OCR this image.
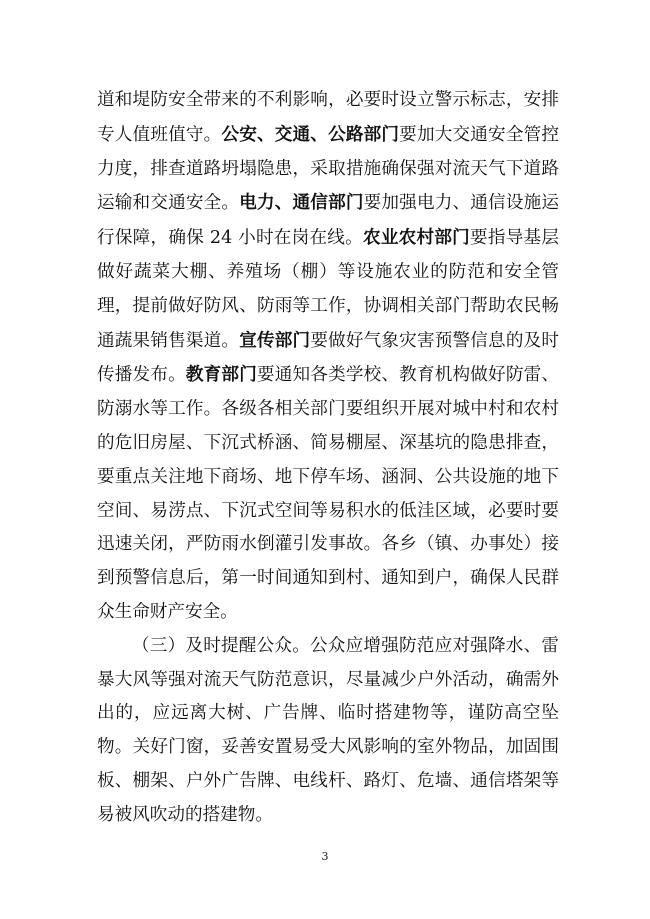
道和堤防安全带来的不利影响，必要时设立警示标志，安排专人值班值守。公安、交通、公路部门要加大交通安全管控力度，排查道路坍塌隐患，采取措施确保强对流天气下道路运输和交通安全。电力、通信部门要加强电力、通信设施运行保障，确保 24 小时在岗在线。农业农村部门要指导基层做好蔬菜大棚、养殖场（棚）等设施农业的防范和安全管理，提前做好防风、防雨等工作，协调相关部门帮助农民畅通蔬果销售渠道。宣传部门要做好气象灾害预警信息的及时传播发布。教育部门要通知各类学校、教育机构做好防雷、防溺水等工作。各级各相关部门要组织开展对城中村和农村的危旧房屋、下沉式桥涵、简易棚屋、深基坑的隐患排查，要重点关注地下商场、地下停车场、涵洞、公共设施的地下空间、易涝点、下沉式空间等易积水的低洼区域，必要时要迅速关闭，严防雨水倒灌引发事故。各乡（镇、办事处）接到预警信息后，第一时间通知到村、通知到户，确保人民群众生命财产安全。

（三）及时提醒公众。公众应增强防范应对强降水、雷暴大风等强对流天气防范意识，尽量减少户外活动，确需外出的，应远离大树、广告牌、临时搭建物等，谨防高空坠物。关好门窗，妥善安置易受大风影响的室外物品，加固围板、棚架、户外广告牌、电线杆、路灯、危墙、通信塔架等易被风吹动的搭建物。

3
